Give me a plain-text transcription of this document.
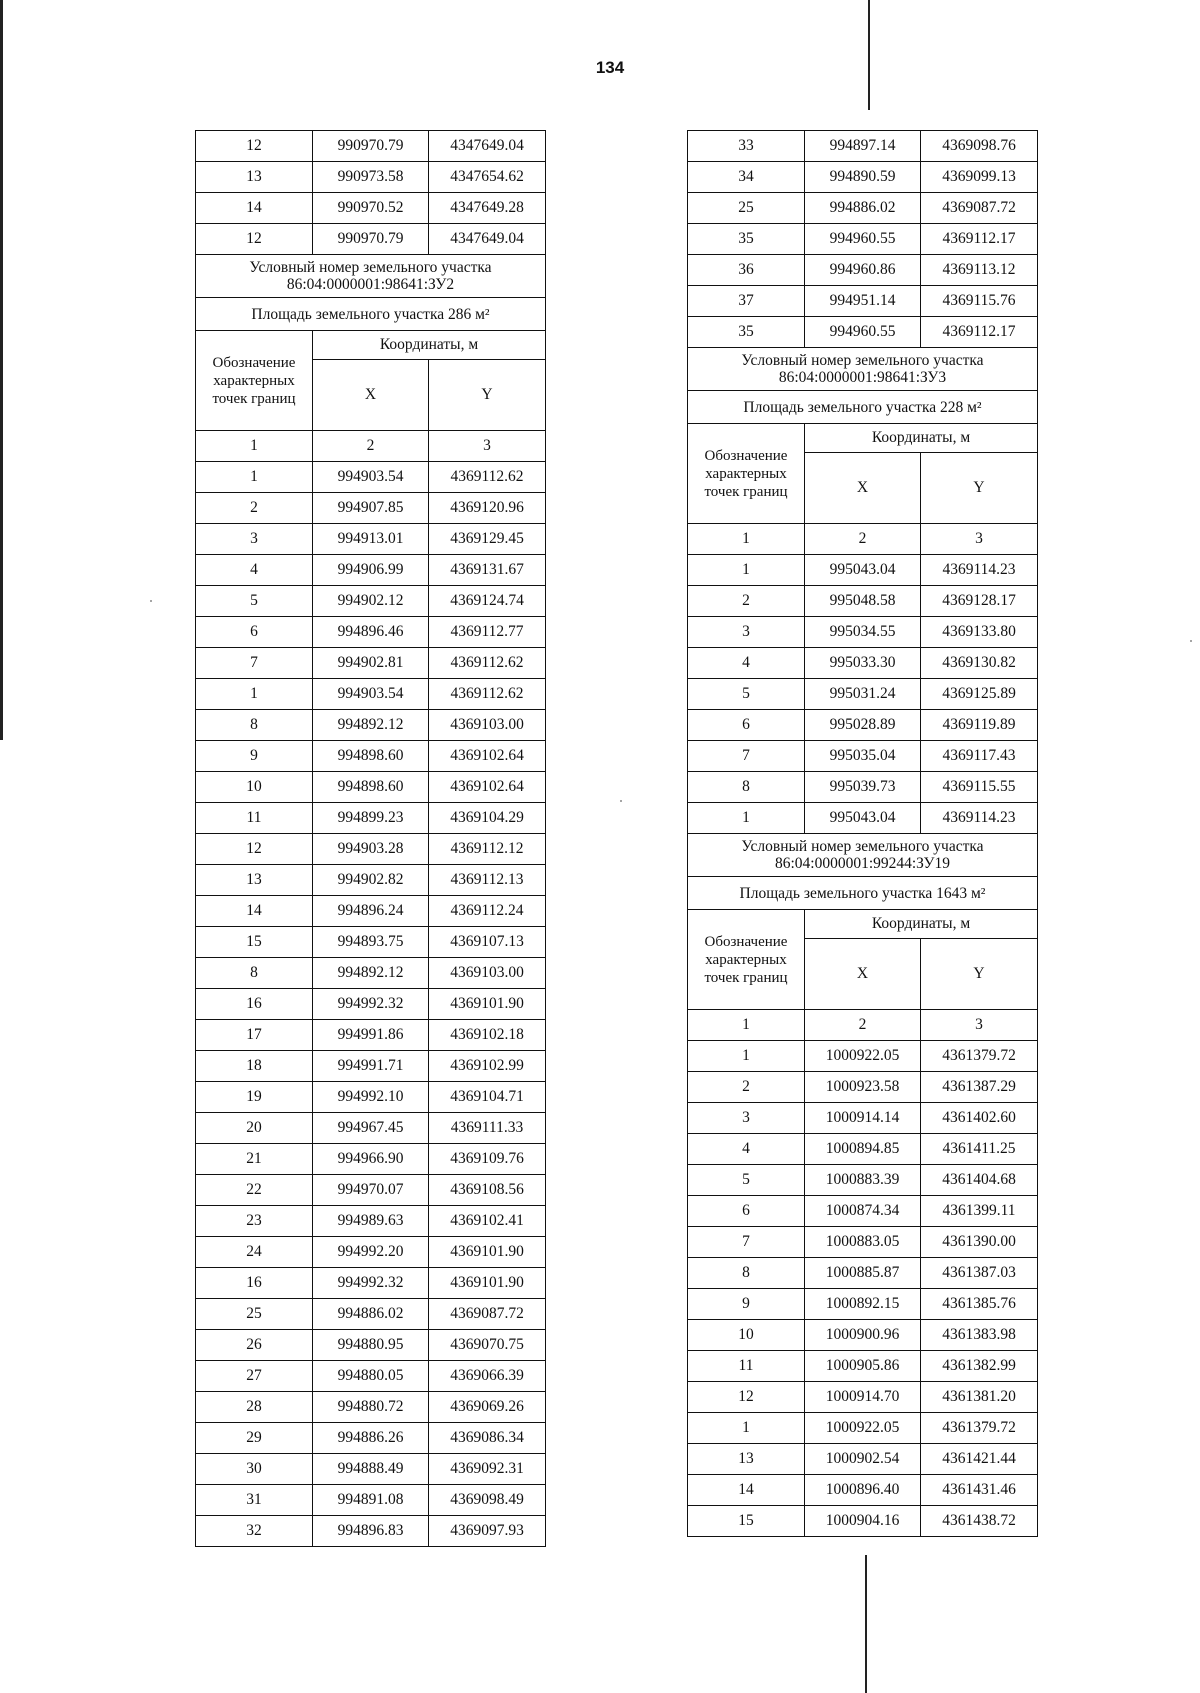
134
12	990970.79	4347649.04
13	990973.58	4347654.62
14	990970.52	4347649.28
12	990970.79	4347649.04

Условный номер земельного участка
86:04:0000001:98641:ЗУ2		

Площадь земельного участка 286 м²		
Обозначение характерных точек границ	Координаты, м	
	X	Y
1	2	3
1	994903.54	4369112.62
2	994907.85	4369120.96
3	994913.01	4369129.45
4	994906.99	4369131.67
5	994902.12	4369124.74
6	994896.46	4369112.77
7	994902.81	4369112.62
1	994903.54	4369112.62
8	994892.12	4369103.00
9	994898.60	4369102.64
10	994898.60	4369102.64
11	994899.23	4369104.29
12	994903.28	4369112.12
13	994902.82	4369112.13
14	994896.24	4369112.24
15	994893.75	4369107.13
8	994892.12	4369103.00
16	994992.32	4369101.90
17	994991.86	4369102.18
18	994991.71	4369102.99
19	994992.10	4369104.71
20	994967.45	4369111.33
21	994966.90	4369109.76
22	994970.07	4369108.56
23	994989.63	4369102.41
24	994992.20	4369101.90
16	994992.32	4369101.90
25	994886.02	4369087.72
26	994880.95	4369070.75
27	994880.05	4369066.39
28	994880.72	4369069.26
29	994886.26	4369086.34
30	994888.49	4369092.31
31	994891.08	4369098.49
32	994896.83	4369097.93
33	994897.14	4369098.76
34	994890.59	4369099.13
25	994886.02	4369087.72
35	994960.55	4369112.17
36	994960.86	4369113.12
37	994951.14	4369115.76
35	994960.55	4369112.17

Условный номер земельного участка
86:04:0000001:98641:ЗУ3		

Площадь земельного участка 228 м²		
Обозначение характерных точек границ	Координаты, м	
	X	Y
1	2	3
1	995043.04	4369114.23
2	995048.58	4369128.17
3	995034.55	4369133.80
4	995033.30	4369130.82
5	995031.24	4369125.89
6	995028.89	4369119.89
7	995035.04	4369117.43
8	995039.73	4369115.55
1	995043.04	4369114.23

Условный номер земельного участка
86:04:0000001:99244:ЗУ19		

Площадь земельного участка 1643 м²		
Обозначение характерных точек границ	Координаты, м	
	X	Y
1	2	3
1	1000922.05	4361379.72
2	1000923.58	4361387.29
3	1000914.14	4361402.60
4	1000894.85	4361411.25
5	1000883.39	4361404.68
6	1000874.34	4361399.11
7	1000883.05	4361390.00
8	1000885.87	4361387.03
9	1000892.15	4361385.76
10	1000900.96	4361383.98
11	1000905.86	4361382.99
12	1000914.70	4361381.20
1	1000922.05	4361379.72
13	1000902.54	4361421.44
14	1000896.40	4361431.46
15	1000904.16	4361438.72
